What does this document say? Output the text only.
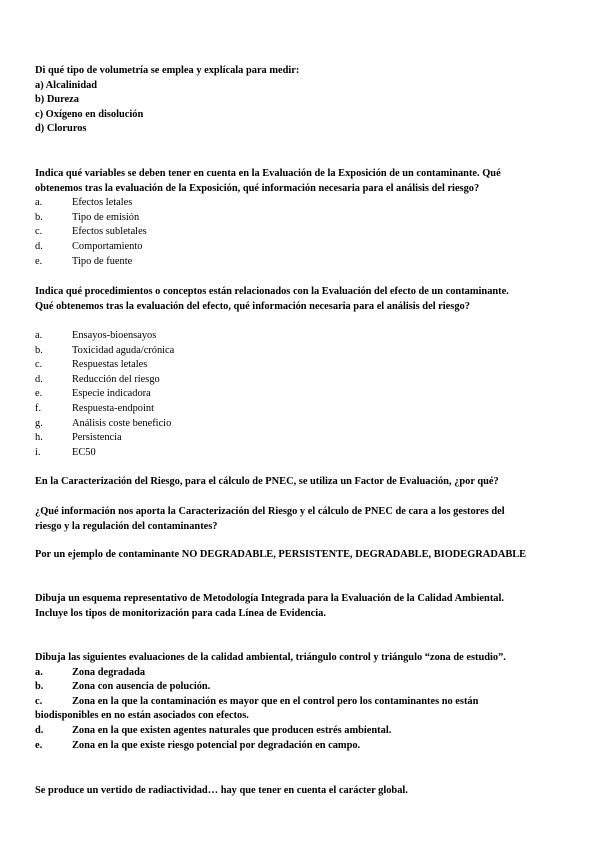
Di qué tipo de volumetría se emplea y explícala para medir:

a) Alcalinidad

b) Dureza

c) Oxígeno en disolución

d) Cloruros

Indica qué variables se deben tener en cuenta en la Evaluación de la Exposición de un contaminante. Qué

obtenemos tras la evaluación de la Exposición, qué información necesaria para el análisis del riesgo?

a.	Efectos letales
b.	Tipo de emisión
c.	Efectos subletales
d.	Comportamiento
e.	Tipo de fuente

Indica qué procedimientos o conceptos están relacionados con la Evaluación del efecto de un contaminante.

Qué obtenemos tras la evaluación del efecto, qué información necesaria para el análisis del riesgo?

a.	Ensayos-bioensayos
b.	Toxicidad aguda/crónica
c.	Respuestas letales
d.	Reducción del riesgo
e.	Especie indicadora
f.	Respuesta-endpoint
g.	Análisis coste beneficio
h.	Persistencia
i.	EC50

En la Caracterización del Riesgo, para el cálculo de PNEC, se utiliza un Factor de Evaluación, ¿por qué?

¿Qué información nos aporta la Caracterización del Riesgo y el cálculo de PNEC de cara a los gestores del

riesgo y la regulación del contaminantes?

Por un ejemplo de contaminante NO DEGRADABLE, PERSISTENTE, DEGRADABLE, BIODEGRADABLE

Dibuja un esquema representativo de Metodología Integrada para la Evaluación de la Calidad Ambiental.

Incluye los tipos de monitorización para cada Línea de Evidencia.

Dibuja las siguientes evaluaciones de la calidad ambiental, triángulo control y triángulo “zona de estudio”.

a.	Zona degradada
b.	Zona con ausencia de polución.
c.	Zona en la que la contaminación es mayor que en el control pero los contaminantes no están

biodisponibles en no están asociados con efectos.

d.	Zona en la que existen agentes naturales que producen estrés ambiental.
e.	Zona en la que existe riesgo potencial por degradación en campo.

Se produce un vertido de radiactividad… hay que tener en cuenta el carácter global.
